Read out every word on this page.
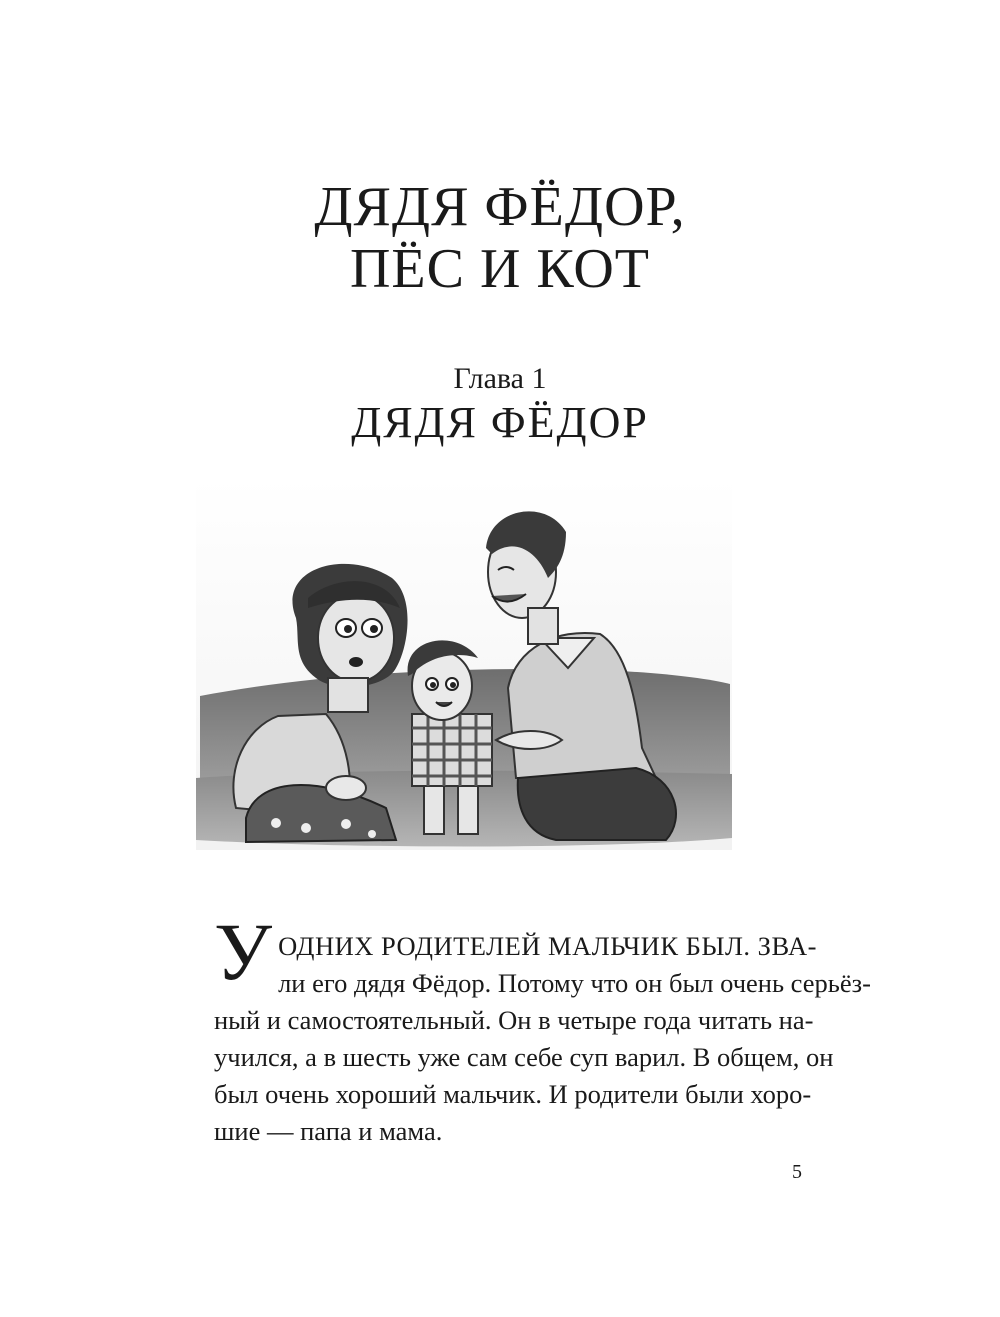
ДЯДЯ ФЁДОР,
ПЁС И КОТ
Глава 1
ДЯДЯ ФЁДОР
УОДНИХ РОДИТЕЛЕЙ МАЛЬЧИК БЫЛ. ЗВА-
ли его дядя Фёдор. Потому что он был очень серьёз-
ный и самостоятельный. Он в четыре года читать на-
учился, а в шесть уже сам себе суп варил. В общем, он
был очень хороший мальчик. И родители были хоро-
шие — папа и мама.
5
